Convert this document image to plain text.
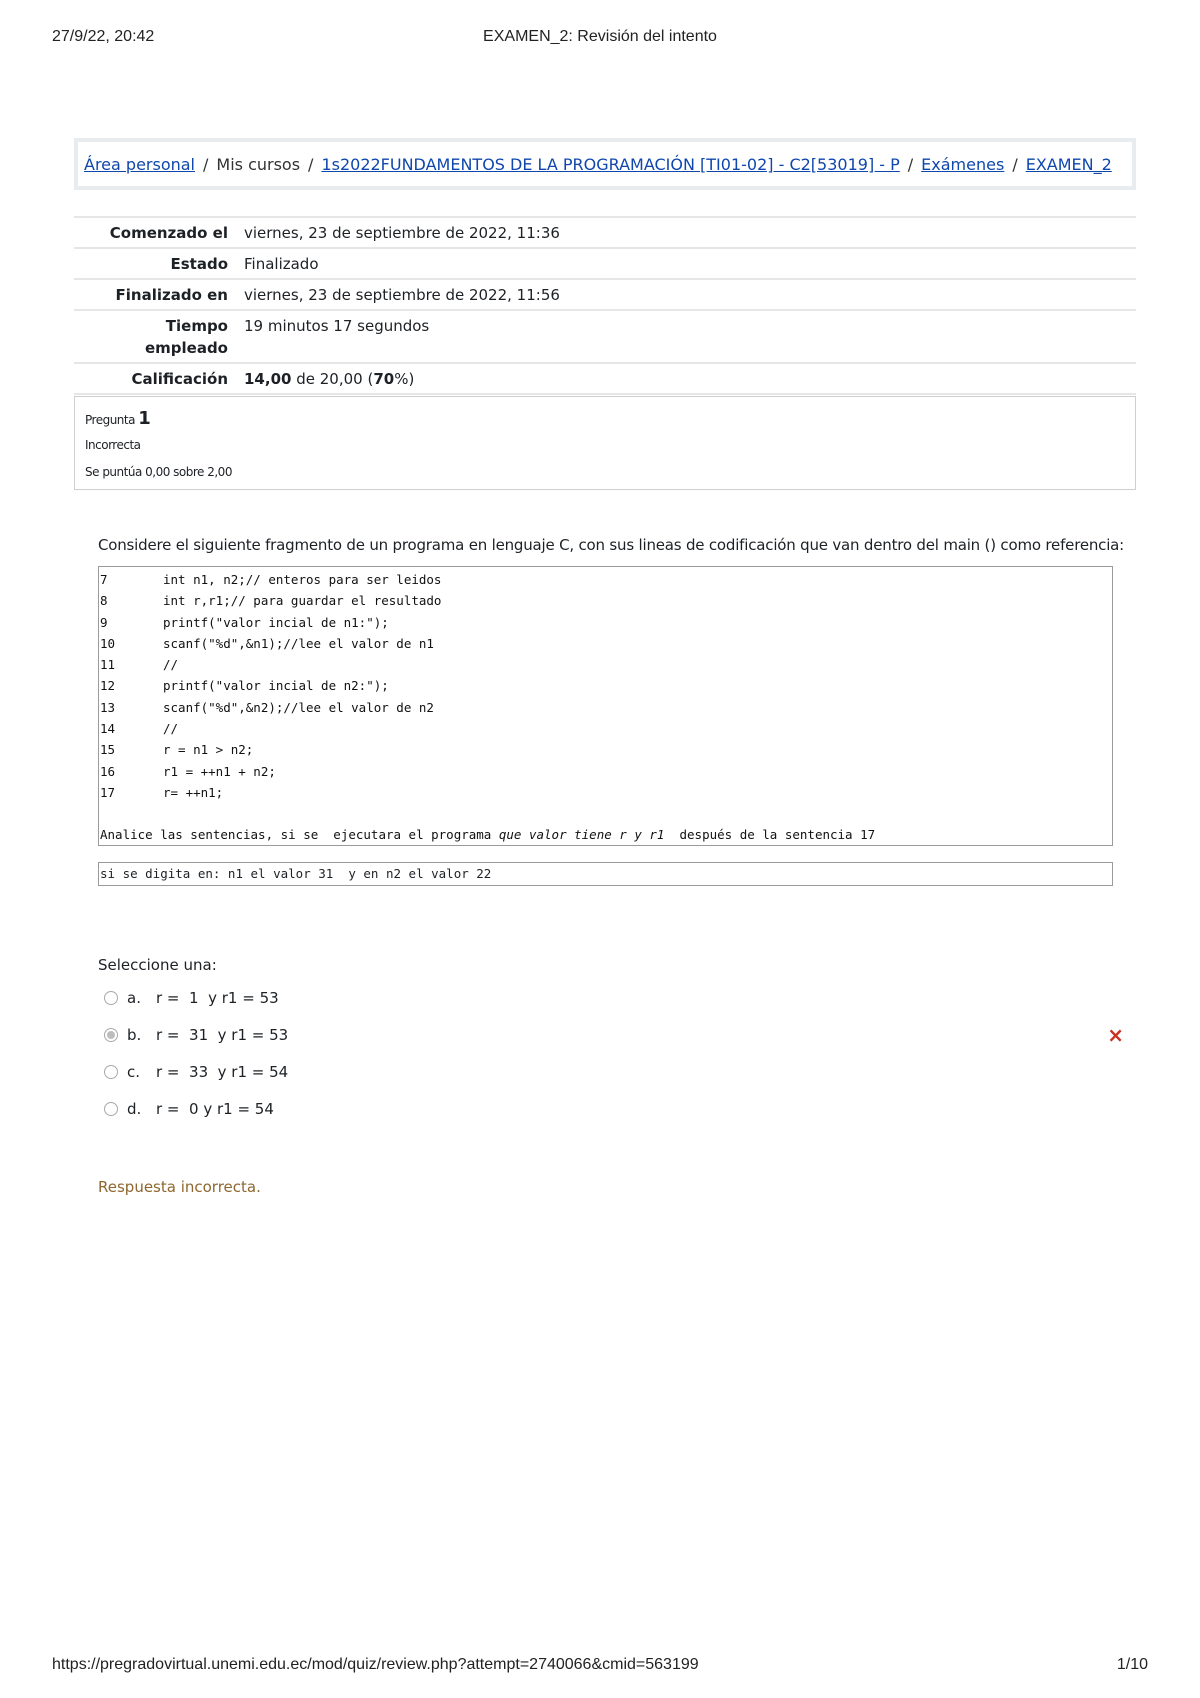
27/9/22, 20:42	EXAMEN_2: Revisión del intento
Área personal / Mis cursos / 1s2022FUNDAMENTOS DE LA PROGRAMACIÓN [TI01-02] - C2[53019] - P / Exámenes / EXAMEN_2
Comenzado el	viernes, 23 de septiembre de 2022, 11:36
Estado	Finalizado
Finalizado en	viernes, 23 de septiembre de 2022, 11:56
Tiempo
empleado	19 minutos 17 segundos
Calificación	14,00 de 20,00 (70%)
Pregunta 1
Incorrecta
Se puntúa 0,00 sobre 2,00
Considere el siguiente fragmento de un programa en lenguaje C, con sus lineas de codificación que van dentro del main () como referencia:
7	int n1, n2;// enteros para ser leidos
8	int r,r1;// para guardar el resultado
9	printf("valor incial de n1:");
10	scanf("%d",&n1);//lee el valor de n1
11	//
12	printf("valor incial de n2:");
13	scanf("%d",&n2);//lee el valor de n2
14	//
15	r = n1 > n2;
16	r1 = ++n1 + n2;
17	r= ++n1;
Analice las sentencias, si se  ejecutara el programa que valor tiene r y r1  después de la sentencia 17
si se digita en: n1 el valor 31  y en n2 el valor 22
Seleccione una:
a. r =  1  y r1 = 53
b. r =  31  y r1 = 53	×
c. r =  33  y r1 = 54
d. r =  0 y r1 = 54
Respuesta incorrecta.
https://pregradovirtual.unemi.edu.ec/mod/quiz/review.php?attempt=2740066&cmid=563199	1/10
